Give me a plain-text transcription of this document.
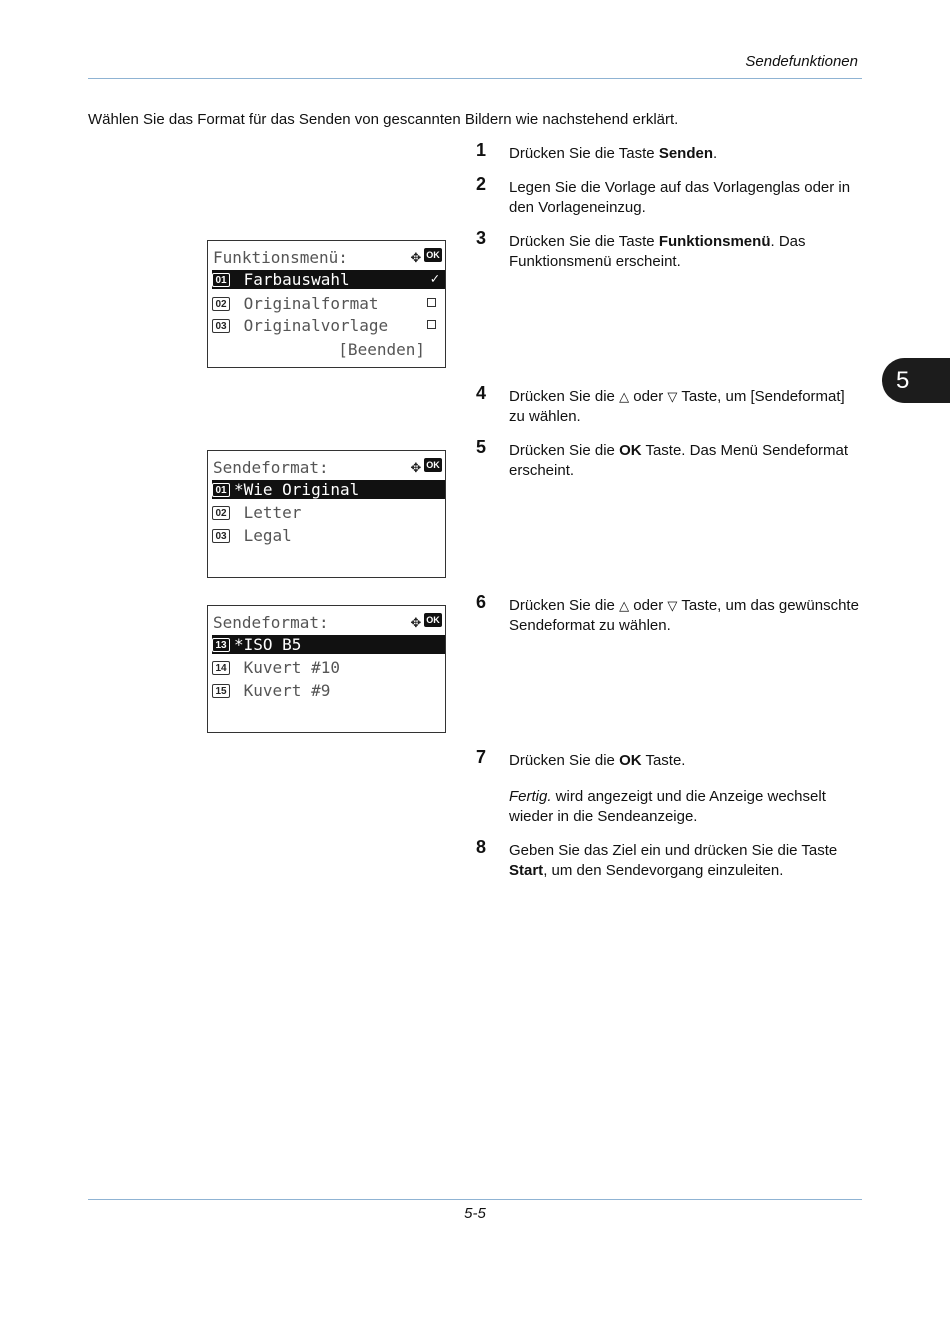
Sendefunktionen
Wählen Sie das Format für das Senden von gescannten Bildern wie nachstehend erklärt.
5
1 Drücken Sie die Taste Senden.
2 Legen Sie die Vorlage auf das Vorlagenglas oder in den Vorlageneinzug.
3 Drücken Sie die Taste Funktionsmenü. Das Funktionsmenü erscheint.
4 Drücken Sie die △ oder ▽ Taste, um [Sendeformat] zu wählen.
5 Drücken Sie die OK Taste. Das Menü Sendeformat erscheint.
6 Drücken Sie die △ oder ▽ Taste, um das gewünschte Sendeformat zu wählen.
7 Drücken Sie die OK Taste.
Fertig. wird angezeigt und die Anzeige wechselt wieder in die Sendeanzeige.
8 Geben Sie das Ziel ein und drücken Sie die Taste Start, um den Sendevorgang einzuleiten.
Funktionsmenü:	✥ OK
01 Farbauswahl	✓
02 Originalformat
03 Originalvorlage
[Beenden]
Sendeformat:	✥ OK
01 *Wie Original
02 Letter
03 Legal
Sendeformat:	✥ OK
13 *ISO B5
14 Kuvert #10
15 Kuvert #9
5-5
